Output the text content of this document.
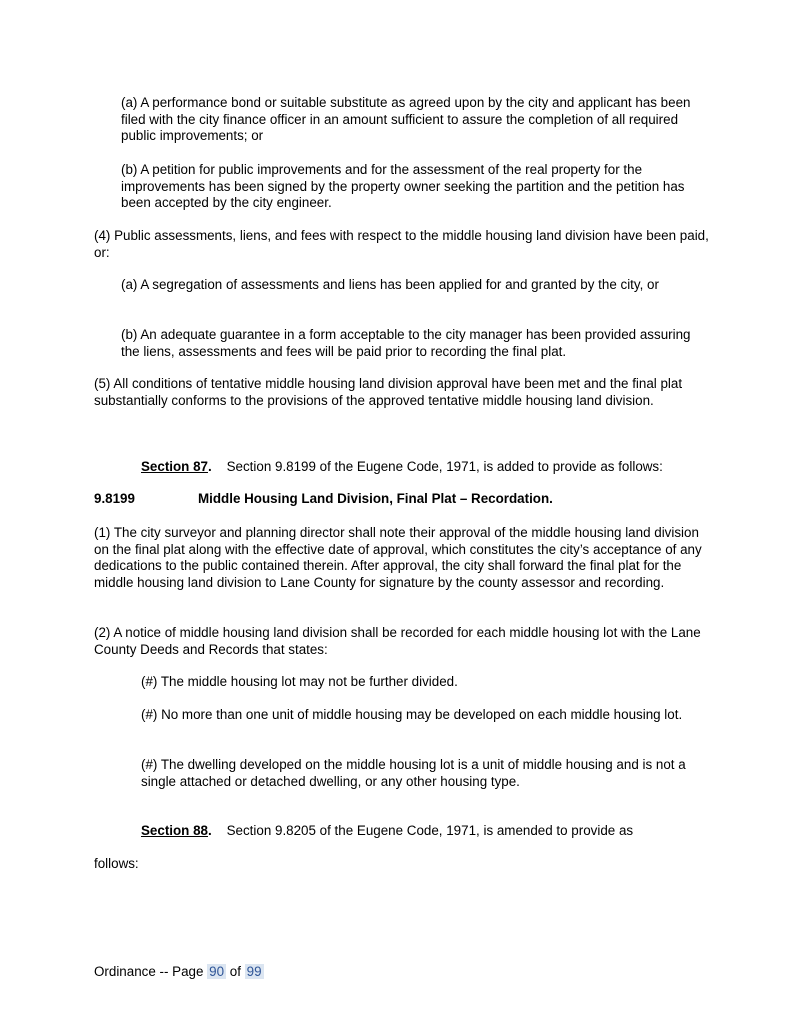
(a) A performance bond or suitable substitute as agreed upon by the city and applicant has been filed with the city finance officer in an amount sufficient to assure the completion of all required public improvements; or

(b) A petition for public improvements and for the assessment of the real property for the improvements has been signed by the property owner seeking the partition and the petition has been accepted by the city engineer.

(4) Public assessments, liens, and fees with respect to the middle housing land division have been paid, or:

(a) A segregation of assessments and liens has been applied for and granted by the city, or

(b) An adequate guarantee in a form acceptable to the city manager has been provided assuring the liens, assessments and fees will be paid prior to recording the final plat.

(5) All conditions of tentative middle housing land division approval have been met and the final plat substantially conforms to the provisions of the approved tentative middle housing land division.

Section 87. Section 9.8199 of the Eugene Code, 1971, is added to provide as follows:
9.8199	Middle Housing Land Division, Final Plat – Recordation.

(1) The city surveyor and planning director shall note their approval of the middle housing land division on the final plat along with the effective date of approval, which constitutes the city’s acceptance of any dedications to the public contained therein. After approval, the city shall forward the final plat for the middle housing land division to Lane County for signature by the county assessor and recording.

(2) A notice of middle housing land division shall be recorded for each middle housing lot with the Lane County Deeds and Records that states:

(#) The middle housing lot may not be further divided.

(#) No more than one unit of middle housing may be developed on each middle housing lot.

(#) The dwelling developed on the middle housing lot is a unit of middle housing and is not a single attached or detached dwelling, or any other housing type.

Section 88. Section 9.8205 of the Eugene Code, 1971, is amended to provide as

follows:

Ordinance -- Page 90 of 99
